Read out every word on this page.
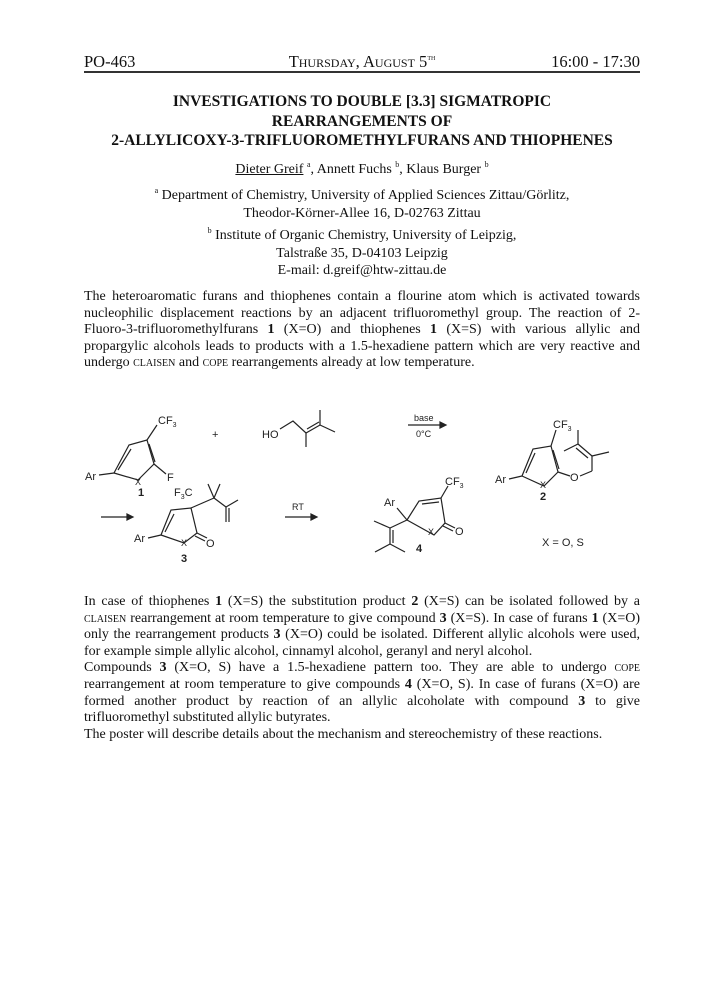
PO-463	Thursday, August 5th	16:00 - 17:30
INVESTIGATIONS TO DOUBLE [3.3] SIGMATROPIC
REARRANGEMENTS OF
2-ALLYLICOXY-3-TRIFLUOROMETHYLFURANS AND THIOPHENES
Dieter Greif $^a$, Annett Fuchs $^b$, Klaus Burger $^b$
$^a$ Department of Chemistry, University of Applied Sciences Zittau/Görlitz,
Theodor-Körner-Allee 16, D-02763 Zittau
$^b$ Institute of Organic Chemistry, University of Leipzig,
Talstraße 35, D-04103 Leipzig
E-mail: d.greif@htw-zittau.de
The heteroaromatic furans and thiophenes contain a flourine atom which is activated towards nucleophilic displacement reactions by an adjacent trifluoromethyl group. The reaction of 2-Fluoro-3-trifluoromethylfurans 1 (X=O) and thiophenes 1 (X=S) with various allylic and propargylic alcohols leads to products with a 1.5-hexadiene pattern which are very reactive and undergo claisen and cope rearrangements already at low temperature.
$CF_3$
F
Ar	X
1
+	HO
base
0°C
$CF_3$
Ar	O
X
2
$F_3C$
Ar	O
X
3
RT
$CF_3$
Ar
O
X
4	X = O, S
In case of thiophenes 1 (X=S) the substitution product 2 (X=S) can be isolated followed by a claisen rearrangement at room temperature to give compound 3 (X=S). In case of furans 1 (X=O) only the rearrangement products 3 (X=O) could be isolated. Different allylic alcohols were used, for example simple allylic alcohol, cinnamyl alcohol, geranyl and neryl alcohol.
Compounds 3 (X=O, S) have a 1.5-hexadiene pattern too. They are able to undergo cope rearrangement at room temperature to give compounds 4 (X=O, S). In case of furans (X=O) are formed another product by reaction of an allylic alcoholate with compound 3 to give trifluoromethyl substituted allylic butyrates.
The poster will describe details about the mechanism and stereochemistry of these reactions.
